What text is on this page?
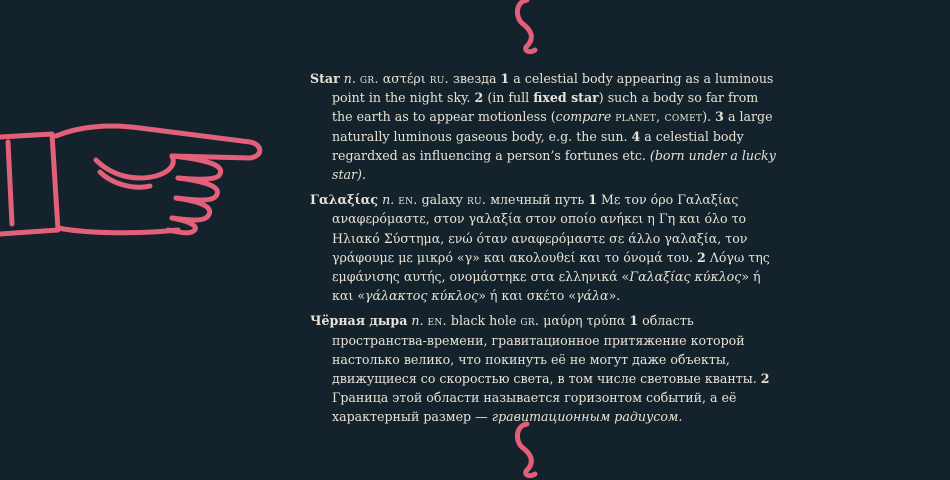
Star n. gr. αστέρι ru. звезда 1 a celestial body appearing as a luminous point in the night sky. 2 (in full fixed star) such a body so far from the earth as to appear motionless (compare planet, comet). 3 a large naturally luminous gaseous body, e.g. the sun. 4 a celestial body regardxed as influencing a person’s fortunes etc. (born under a lucky star).

Γαλαξίας n. en. galaxy ru. млечный путь 1 Με τον όρο Γαλαξίας αναφερόμαστε, στον γαλαξία στον οποίο ανήκει η Γη και όλο το Ηλιακό Σύστημα, ενώ όταν αναφερόμαστε σε άλλο γαλαξία, τον γράφουμε με μικρό «γ» και ακολουθεί και το όνομά του. 2 Λόγω της εμφάνισης αυτής, ονομάστηκε στα ελληνικά «Γαλαξίας κύκλος» ή και «γάλακτος κύκλος» ή και σκέτο «γάλα».

Чёрная дыра n. en. black hole gr. μαύρη τρύπα 1 область пространства-времени, гравитационное притяжение которой настолько велико, что покинуть её не могут даже объекты, движущиеся со скоростью света, в том числе световые кванты. 2 Граница этой области называется горизонтом событий, а её характерный размер — гравитационным радиусом.
